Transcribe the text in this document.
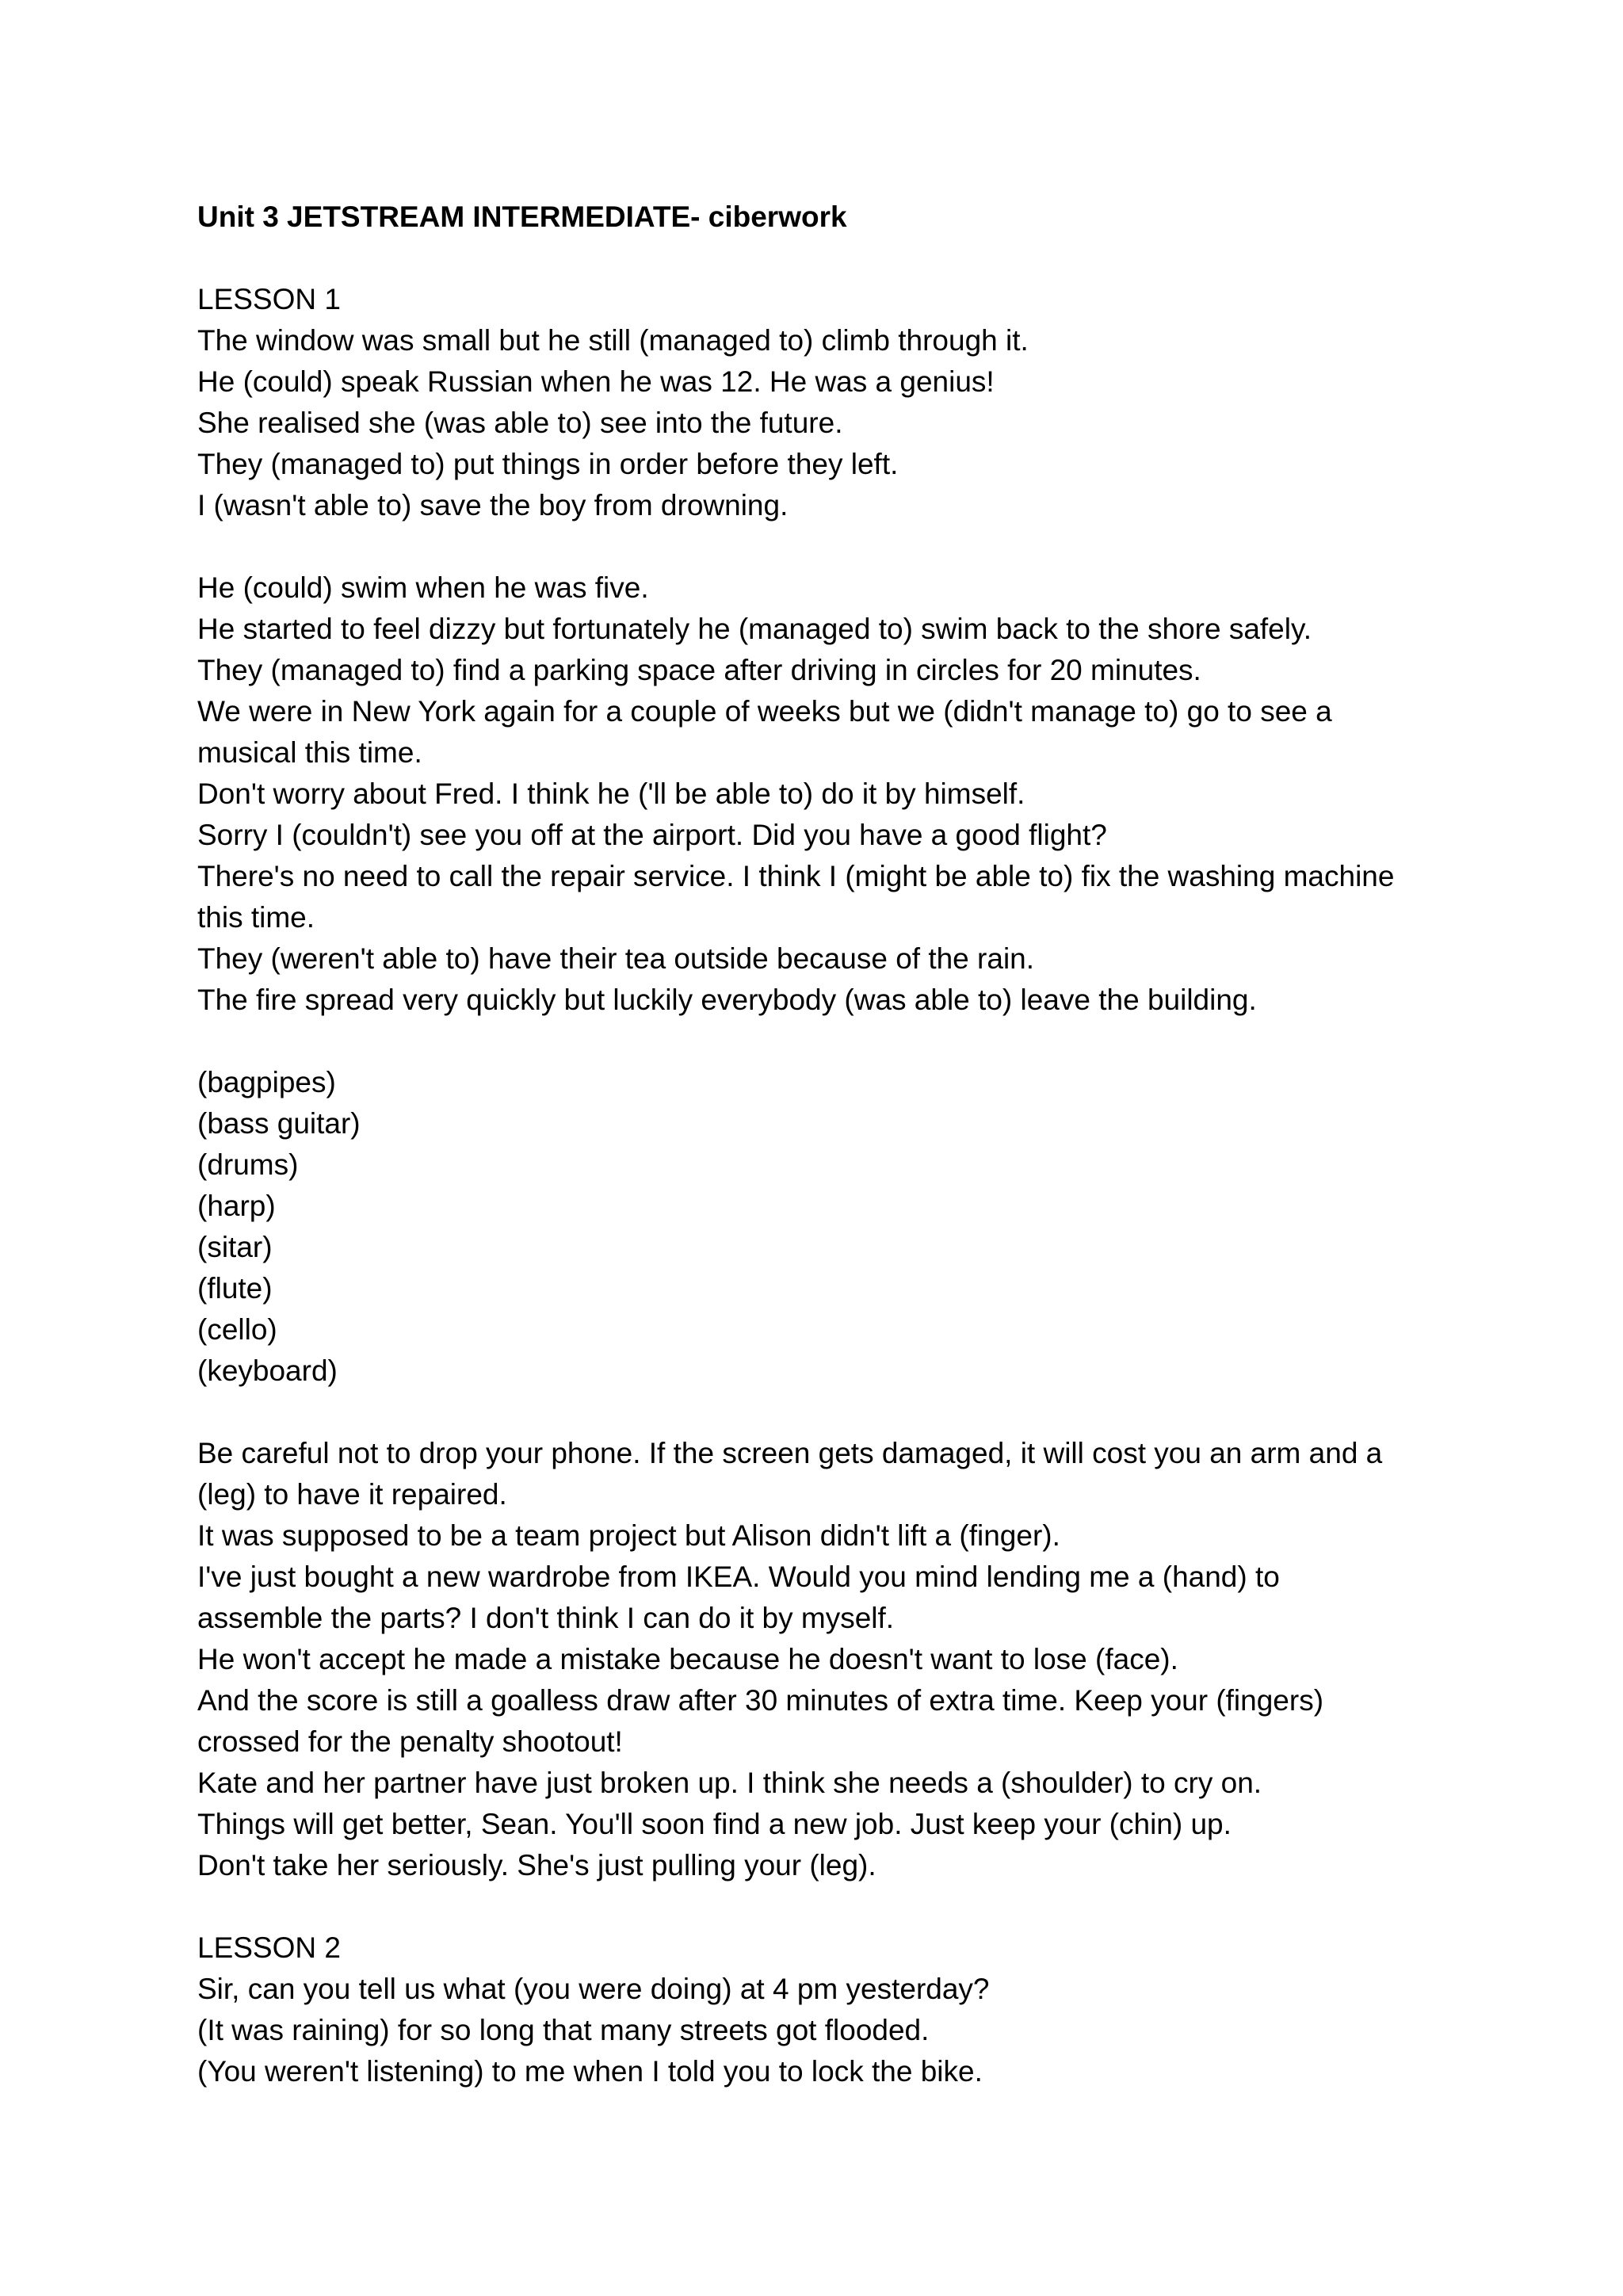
Unit 3 JETSTREAM INTERMEDIATE- ciberwork
LESSON 1
The window was small but he still (managed to) climb through it.
He (could) speak Russian when he was 12. He was a genius!
She realised she (was able to) see into the future.
They (managed to) put things in order before they left.
I (wasn't able to) save the boy from drowning.
He (could) swim when he was five.
He started to feel dizzy but fortunately he (managed to) swim back to the shore safely.
They (managed to) find a parking space after driving in circles for 20 minutes.
We were in New York again for a couple of weeks but we (didn't manage to) go to see a
musical this time.
Don't worry about Fred. I think he ('ll be able to) do it by himself.
Sorry I (couldn't) see you off at the airport. Did you have a good flight?
There's no need to call the repair service. I think I (might be able to) fix the washing machine
this time.
They (weren't able to) have their tea outside because of the rain.
The fire spread very quickly but luckily everybody (was able to) leave the building.
(bagpipes)
(bass guitar)
(drums)
(harp)
(sitar)
(flute)
(cello)
(keyboard)
Be careful not to drop your phone. If the screen gets damaged, it will cost you an arm and a
(leg) to have it repaired.
It was supposed to be a team project but Alison didn't lift a (finger).
I've just bought a new wardrobe from IKEA. Would you mind lending me a (hand) to
assemble the parts? I don't think I can do it by myself.
He won't accept he made a mistake because he doesn't want to lose (face).
And the score is still a goalless draw after 30 minutes of extra time. Keep your (fingers)
crossed for the penalty shootout!
Kate and her partner have just broken up. I think she needs a (shoulder) to cry on.
Things will get better, Sean. You'll soon find a new job. Just keep your (chin) up.
Don't take her seriously. She's just pulling your (leg).
LESSON 2
Sir, can you tell us what (you were doing) at 4 pm yesterday?
(It was raining) for so long that many streets got flooded.
(You weren't listening) to me when I told you to lock the bike.
